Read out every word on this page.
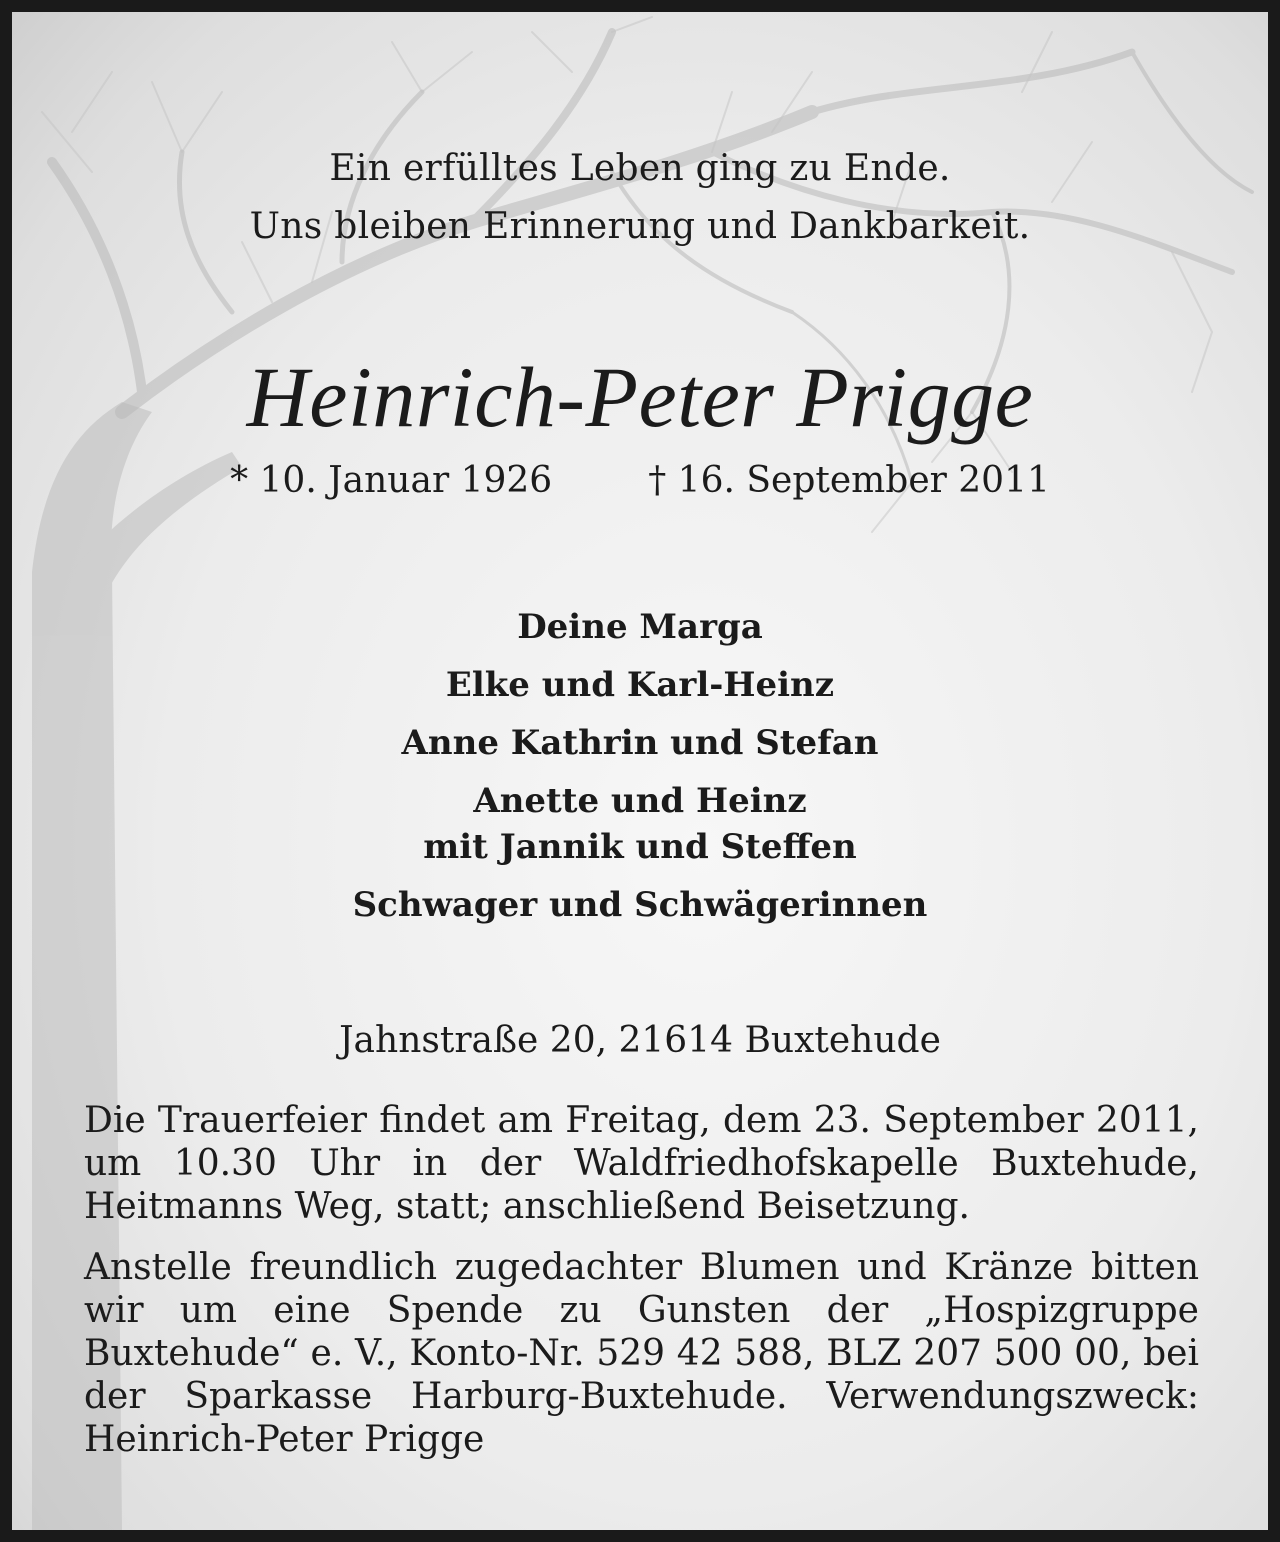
Ein erfülltes Leben ging zu Ende.
Uns bleiben Erinnerung und Dankbarkeit.
Heinrich-Peter Prigge
* 10. Januar 1926	† 16. September 2011
Deine Marga
Elke und Karl-Heinz
Anne Kathrin und Stefan
Anette und Heinz
mit Jannik und Steffen
Schwager und Schwägerinnen
Jahnstraße 20, 21614 Buxtehude
Die Trauerfeier findet am Freitag, dem 23. September 2011, um 10.30 Uhr in der Waldfriedhofskapelle Buxtehude, Heitmanns Weg, statt; anschließend Beisetzung.
Anstelle freundlich zugedachter Blumen und Kränze bitten wir um eine Spende zu Gunsten der „Hospizgruppe Buxtehude“ e. V., Konto-Nr. 529 42 588, BLZ 207 500 00, bei der Sparkasse Harburg-Buxtehude. Verwendungszweck: Heinrich-Peter Prigge
